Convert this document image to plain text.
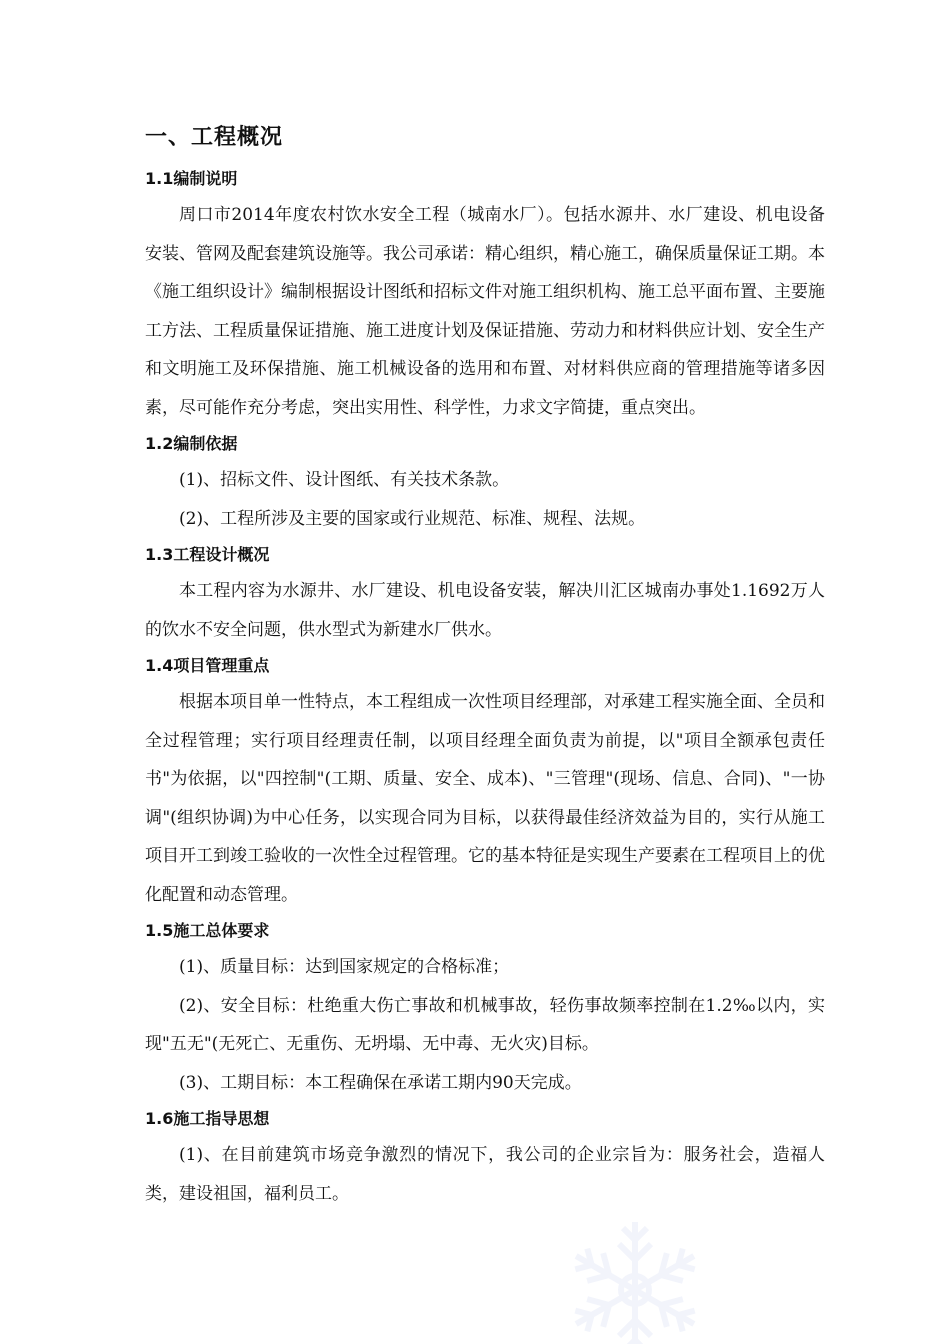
一、工程概况
1.1编制说明

周口市2014年度农村饮水安全工程（城南水厂）。包括水源井、水厂建设、机电设备安装、管网及配套建筑设施等。我公司承诺：精心组织，精心施工，确保质量保证工期。本《施工组织设计》编制根据设计图纸和招标文件对施工组织机构、施工总平面布置、主要施工方法、工程质量保证措施、施工进度计划及保证措施、劳动力和材料供应计划、安全生产和文明施工及环保措施、施工机械设备的选用和布置、对材料供应商的管理措施等诸多因素，尽可能作充分考虑，突出实用性、科学性，力求文字简捷，重点突出。

1.2编制依据

(1)、招标文件、设计图纸、有关技术条款。

(2)、工程所涉及主要的国家或行业规范、标准、规程、法规。

1.3工程设计概况

本工程内容为水源井、水厂建设、机电设备安装，解决川汇区城南办事处1.1692万人的饮水不安全问题，供水型式为新建水厂供水。

1.4项目管理重点

根据本项目单一性特点，本工程组成一次性项目经理部，对承建工程实施全面、全员和全过程管理；实行项目经理责任制，以项目经理全面负责为前提，以"项目全额承包责任书"为依据，以"四控制"(工期、质量、安全、成本)、"三管理"(现场、信息、合同)、"一协调"(组织协调)为中心任务，以实现合同为目标，以获得最佳经济效益为目的，实行从施工项目开工到竣工验收的一次性全过程管理。它的基本特征是实现生产要素在工程项目上的优化配置和动态管理。

1.5施工总体要求

(1)、质量目标：达到国家规定的合格标准；

(2)、安全目标：杜绝重大伤亡事故和机械事故，轻伤事故频率控制在1.2‰以内，实现"五无"(无死亡、无重伤、无坍塌、无中毒、无火灾)目标。

(3)、工期目标：本工程确保在承诺工期内90天完成。

1.6施工指导思想

(1)、在目前建筑市场竞争激烈的情况下，我公司的企业宗旨为：服务社会，造福人类，建设祖国，福利员工。
